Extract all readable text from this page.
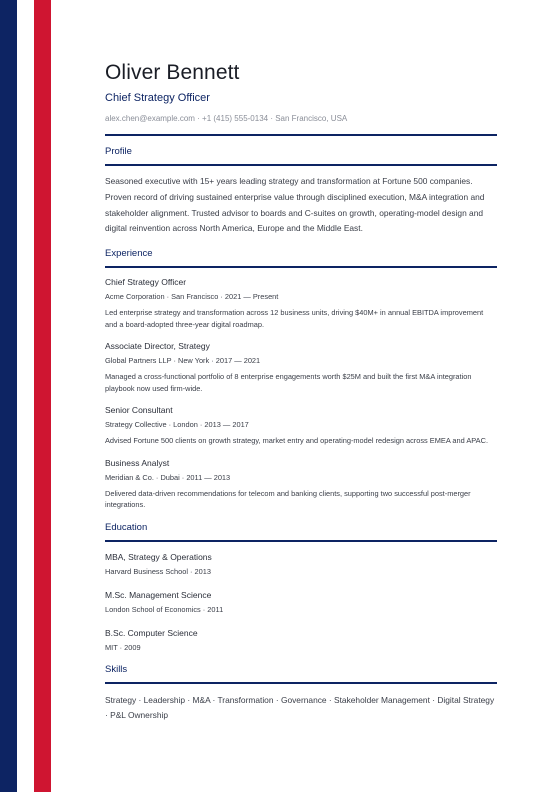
Oliver Bennett
Chief Strategy Officer
alex.chen@example.com · +1 (415) 555-0134 · San Francisco, USA
Profile
Seasoned executive with 15+ years leading strategy and transformation at Fortune 500 companies. Proven record of driving sustained enterprise value through disciplined execution, M&A integration and stakeholder alignment. Trusted advisor to boards and C-suites on growth, operating-model design and digital reinvention across North America, Europe and the Middle East.
Experience
Chief Strategy Officer
Acme Corporation · San Francisco · 2021 — Present
Led enterprise strategy and transformation across 12 business units, driving $40M+ in annual EBITDA improvement and a board-adopted three-year digital roadmap.
Associate Director, Strategy
Global Partners LLP · New York · 2017 — 2021
Managed a cross-functional portfolio of 8 enterprise engagements worth $25M and built the first M&A integration playbook now used firm-wide.
Senior Consultant
Strategy Collective · London · 2013 — 2017
Advised Fortune 500 clients on growth strategy, market entry and operating-model redesign across EMEA and APAC.
Business Analyst
Meridian & Co. · Dubai · 2011 — 2013
Delivered data-driven recommendations for telecom and banking clients, supporting two successful post-merger integrations.
Education
MBA, Strategy & Operations
Harvard Business School · 2013
M.Sc. Management Science
London School of Economics · 2011
B.Sc. Computer Science
MIT · 2009
Skills
Strategy · Leadership · M&A · Transformation · Governance · Stakeholder Management · Digital Strategy · P&L Ownership
